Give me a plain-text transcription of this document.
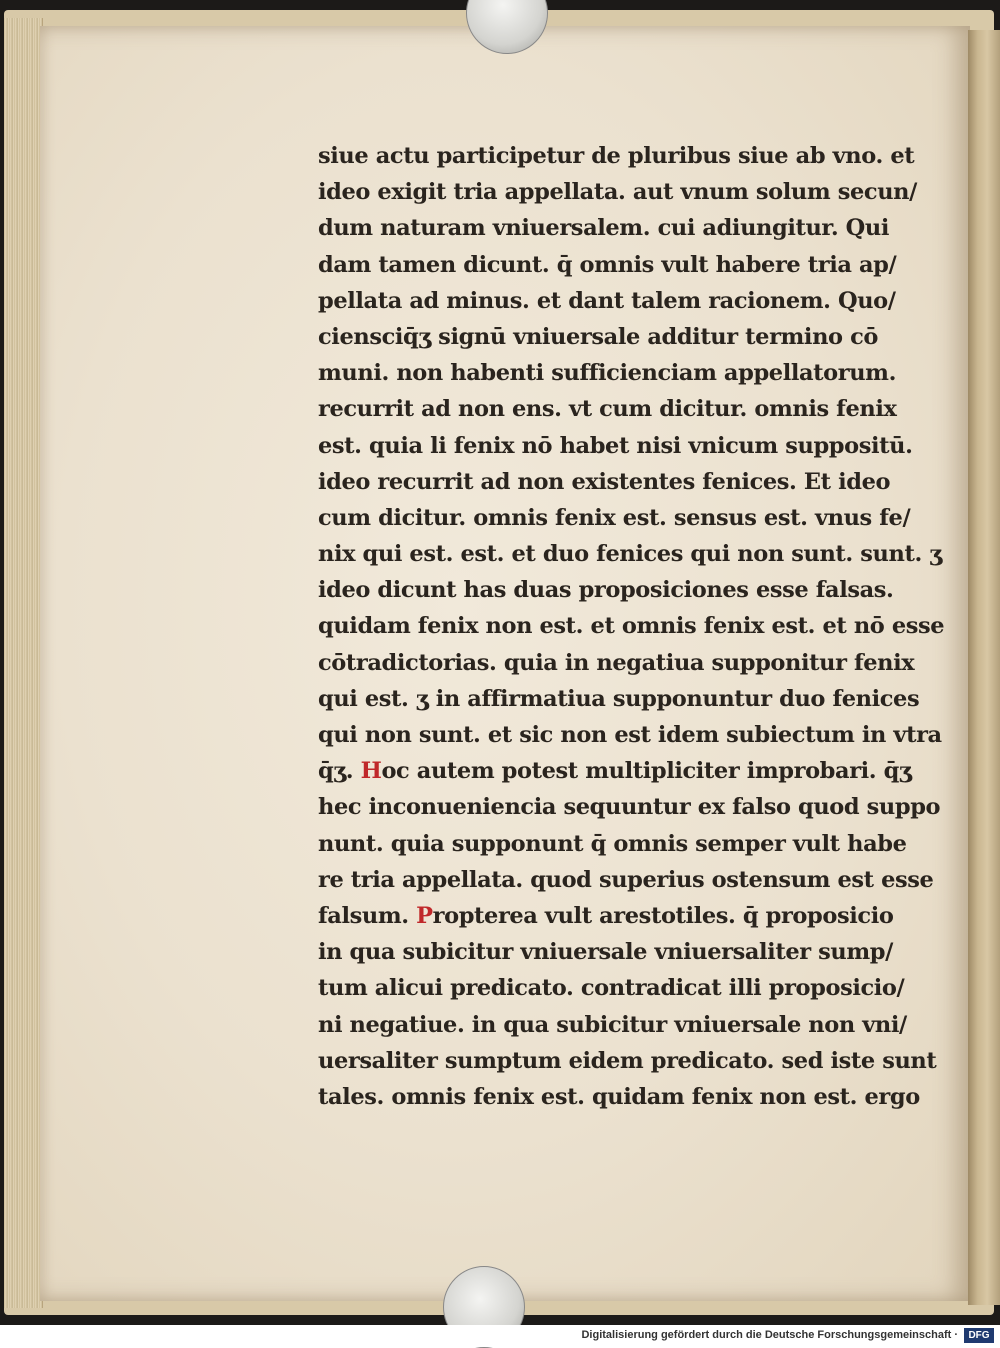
siue actu participetur de pluribus siue ab vno. et
ideo exigit tria appellata. aut vnum solum secun/
dum naturam vniuersalem. cui adiungitur. Qui
dam tamen dicunt. q̄ omnis vult habere tria ap/
pellata ad minus. et dant talem racionem. Quo/
ciensciq̄ʒ signū vniuersale additur termino cō
muni. non habenti sufficienciam appellatorum.
recurrit ad non ens. vt cum dicitur. omnis fenix
est. quia li fenix nō habet nisi vnicum suppositū.
ideo recurrit ad non existentes fenices. Et ideo
cum dicitur. omnis fenix est. sensus est. vnus fe/
nix qui est. est. et duo fenices qui non sunt. sunt. ʒ
ideo dicunt has duas proposiciones esse falsas.
quidam fenix non est. et omnis fenix est. et nō esse
cōtradictorias. quia in negatiua supponitur fenix
qui est. ʒ in affirmatiua supponuntur duo fenices
qui non sunt. et sic non est idem subiectum in vtra
q̄ʒ. Hoc autem potest multipliciter improbari. q̄ʒ
hec inconueniencia sequuntur ex falso quod suppo
nunt. quia supponunt q̄ omnis semper vult habe
re tria appellata. quod superius ostensum est esse
falsum. Propterea vult arestotiles. q̄ proposicio
in qua subicitur vniuersale vniuersaliter sump/
tum alicui predicato. contradicat illi proposicio/
ni negatiue. in qua subicitur vniuersale non vni/
uersaliter sumptum eidem predicato. sed iste sunt
tales. omnis fenix est. quidam fenix non est. ergo
Digitalisierung gefördert durch die Deutsche Forschungsgemeinschaft ·	DFG
